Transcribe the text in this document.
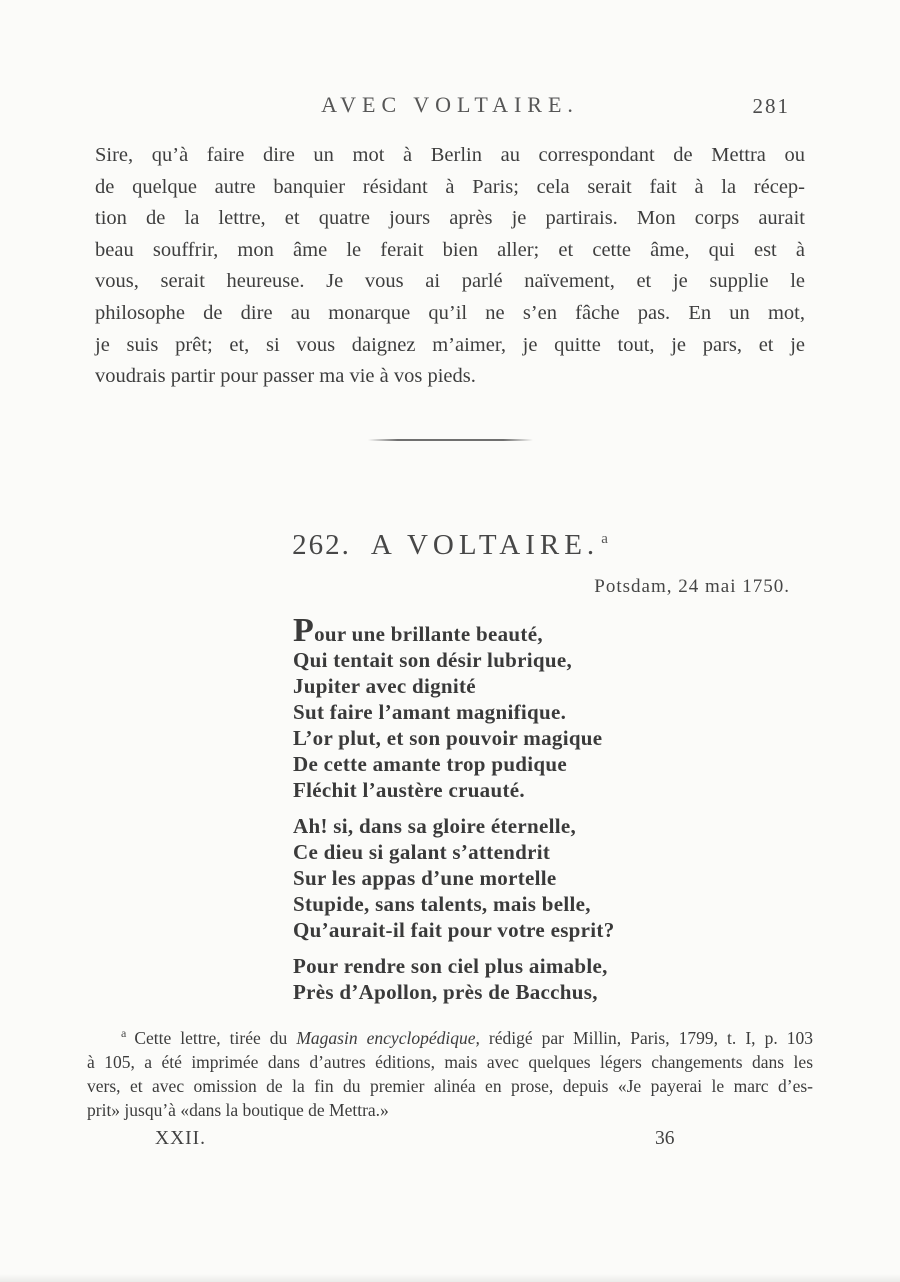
AVEC VOLTAIRE.	281
Sire, qu’à faire dire un mot à Berlin au correspondant de Mettra ou
de quelque autre banquier résidant à Paris; cela serait fait à la récep-
tion de la lettre, et quatre jours après je partirais. Mon corps aurait
beau souffrir, mon âme le ferait bien aller; et cette âme, qui est à
vous, serait heureuse. Je vous ai parlé naïvement, et je supplie le
philosophe de dire au monarque qu’il ne s’en fâche pas. En un mot,
je suis prêt; et, si vous daignez m’aimer, je quitte tout, je pars, et je
voudrais partir pour passer ma vie à vos pieds.
262. A VOLTAIRE. $^a$
Potsdam, 24 mai 1750.
Pour une brillante beauté,
Qui tentait son désir lubrique,
Jupiter avec dignité
Sut faire l’amant magnifique.
L’or plut, et son pouvoir magique
De cette amante trop pudique
Fléchit l’austère cruauté.
Ah! si, dans sa gloire éternelle,
Ce dieu si galant s’attendrit
Sur les appas d’une mortelle
Stupide, sans talents, mais belle,
Qu’aurait-il fait pour votre esprit?
Pour rendre son ciel plus aimable,
Près d’Apollon, près de Bacchus,
$^a$ Cette lettre, tirée du Magasin encyclopédique, rédigé par Millin, Paris, 1799, t. I, p. 103
à 105, a été imprimée dans d’autres éditions, mais avec quelques légers changements dans les
vers, et avec omission de la fin du premier alinéa en prose, depuis «Je payerai le marc d’es-
prit» jusqu’à «dans la boutique de Mettra.»
XXII.	36
